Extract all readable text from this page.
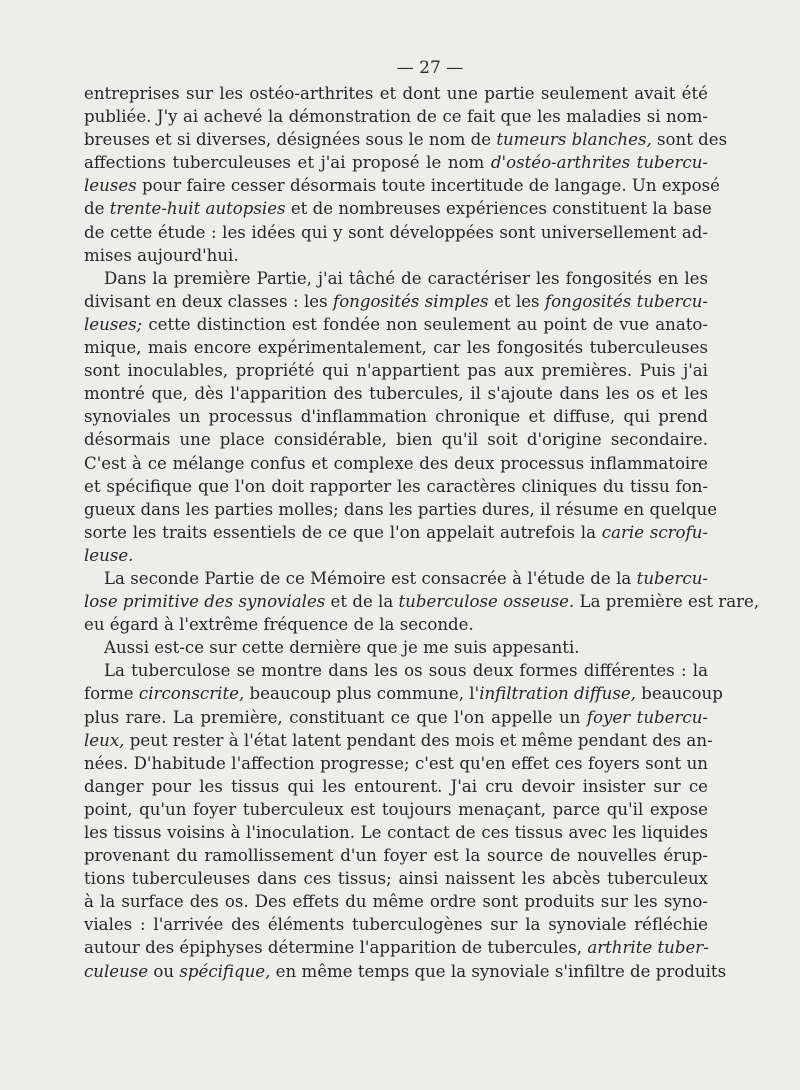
— 27 —
entreprises sur les ostéo-arthrites et dont une partie seulement avait été
publiée. J'y ai achevé la démonstration de ce fait que les maladies si nom-
breuses et si diverses, désignées sous le nom de tumeurs blanches, sont des
affections tuberculeuses et j'ai proposé le nom d'ostéo-arthrites tubercu-
leuses pour faire cesser désormais toute incertitude de langage. Un exposé
de trente-huit autopsies et de nombreuses expériences constituent la base
de cette étude : les idées qui y sont développées sont universellement ad-
mises aujourd'hui.
Dans la première Partie, j'ai tâché de caractériser les fongosités en les
divisant en deux classes : les fongosités simples et les fongosités tubercu-
leuses; cette distinction est fondée non seulement au point de vue anato-
mique, mais encore expérimentalement, car les fongosités tuberculeuses
sont inoculables, propriété qui n'appartient pas aux premières. Puis j'ai
montré que, dès l'apparition des tubercules, il s'ajoute dans les os et les
synoviales un processus d'inflammation chronique et diffuse, qui prend
désormais une place considérable, bien qu'il soit d'origine secondaire.
C'est à ce mélange confus et complexe des deux processus inflammatoire
et spécifique que l'on doit rapporter les caractères cliniques du tissu fon-
gueux dans les parties molles; dans les parties dures, il résume en quelque
sorte les traits essentiels de ce que l'on appelait autrefois la carie scrofu-
leuse.
La seconde Partie de ce Mémoire est consacrée à l'étude de la tubercu-
lose primitive des synoviales et de la tuberculose osseuse. La première est rare,
eu égard à l'extrême fréquence de la seconde.
Aussi est-ce sur cette dernière que je me suis appesanti.
La tuberculose se montre dans les os sous deux formes différentes : la
forme circonscrite, beaucoup plus commune, l'infiltration diffuse, beaucoup
plus rare. La première, constituant ce que l'on appelle un foyer tubercu-
leux, peut rester à l'état latent pendant des mois et même pendant des an-
nées. D'habitude l'affection progresse; c'est qu'en effet ces foyers sont un
danger pour les tissus qui les entourent. J'ai cru devoir insister sur ce
point, qu'un foyer tuberculeux est toujours menaçant, parce qu'il expose
les tissus voisins à l'inoculation. Le contact de ces tissus avec les liquides
provenant du ramollissement d'un foyer est la source de nouvelles érup-
tions tuberculeuses dans ces tissus; ainsi naissent les abcès tuberculeux
à la surface des os. Des effets du même ordre sont produits sur les syno-
viales : l'arrivée des éléments tuberculogènes sur la synoviale réfléchie
autour des épiphyses détermine l'apparition de tubercules, arthrite tuber-
culeuse ou spécifique, en même temps que la synoviale s'infiltre de produits
